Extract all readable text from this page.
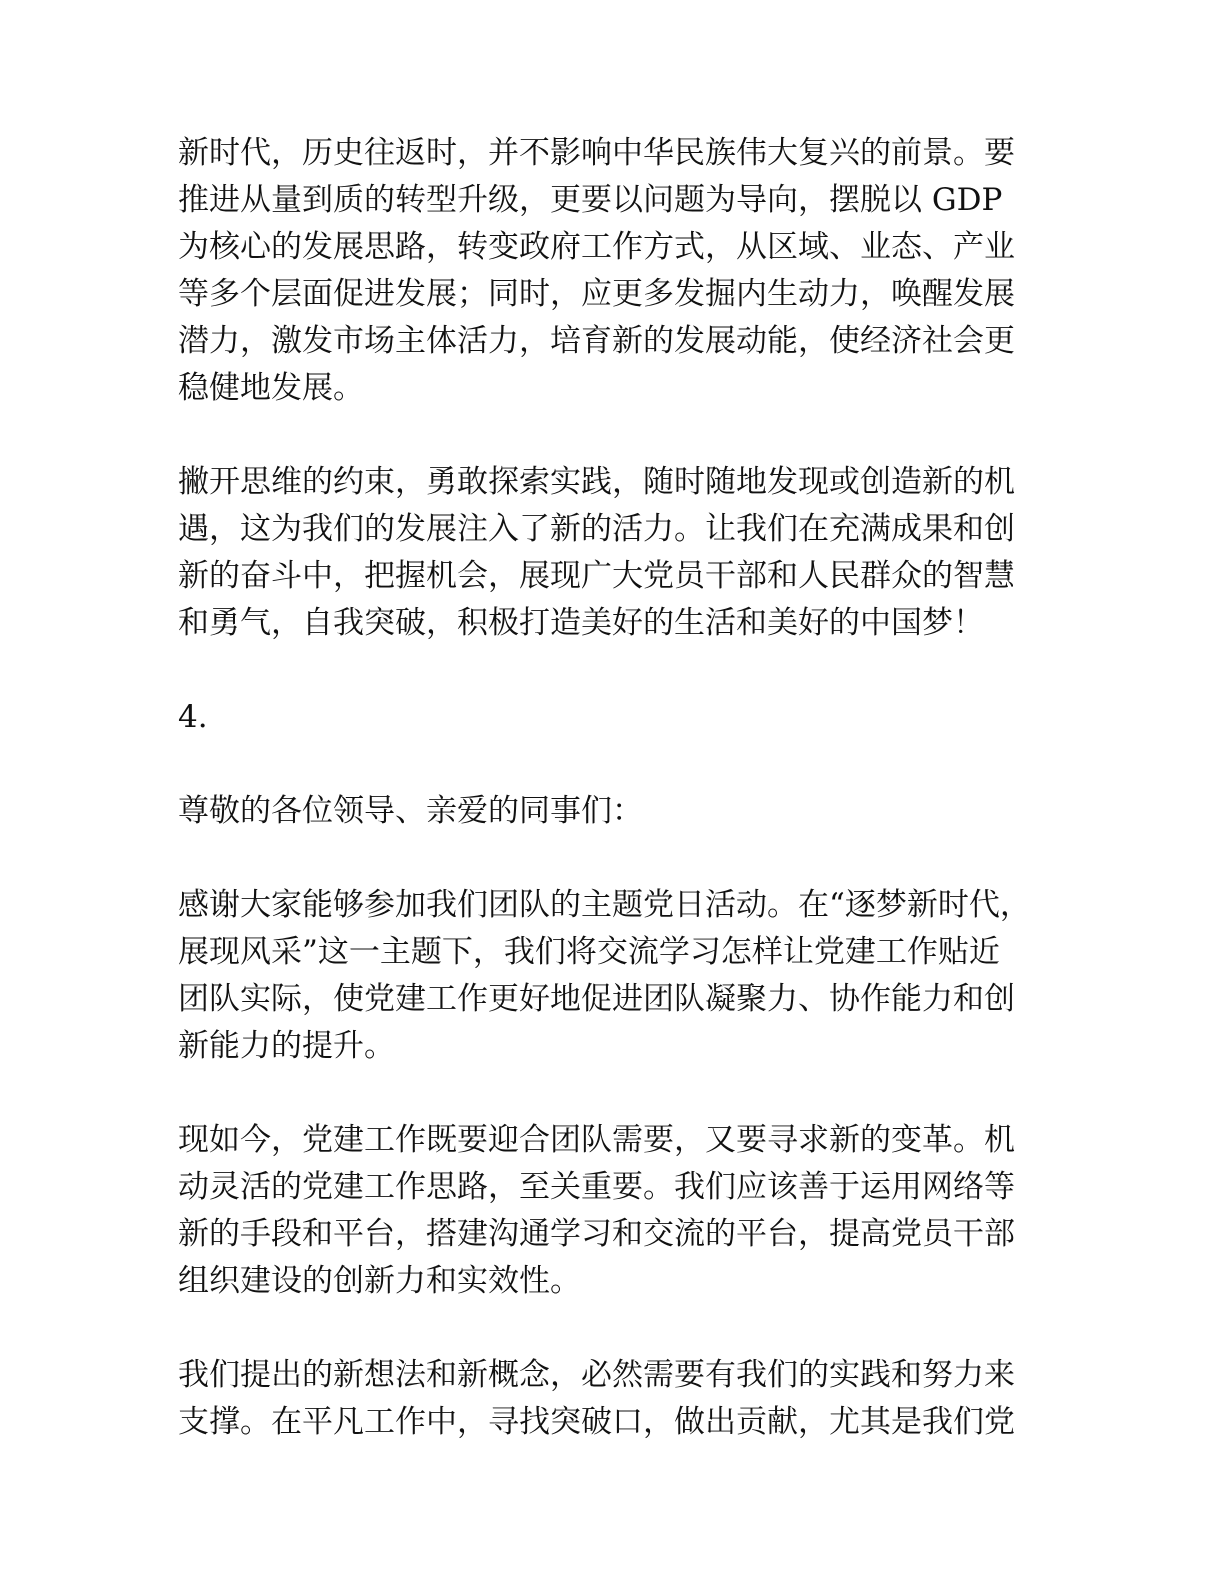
新时代，历史往返时，并不影响中华民族伟大复兴的前景。要
推进从量到质的转型升级，更要以问题为导向，摆脱以 GDP
为核心的发展思路，转变政府工作方式，从区域、业态、产业
等多个层面促进发展；同时，应更多发掘内生动力，唤醒发展
潜力，激发市场主体活力，培育新的发展动能，使经济社会更
稳健地发展。
撇开思维的约束，勇敢探索实践，随时随地发现或创造新的机
遇，这为我们的发展注入了新的活力。让我们在充满成果和创
新的奋斗中，把握机会，展现广大党员干部和人民群众的智慧
和勇气，自我突破，积极打造美好的生活和美好的中国梦！
4.
尊敬的各位领导、亲爱的同事们：
感谢大家能够参加我们团队的主题党日活动。在“逐梦新时代，
展现风采”这一主题下，我们将交流学习怎样让党建工作贴近
团队实际，使党建工作更好地促进团队凝聚力、协作能力和创
新能力的提升。
现如今，党建工作既要迎合团队需要，又要寻求新的变革。机
动灵活的党建工作思路，至关重要。我们应该善于运用网络等
新的手段和平台，搭建沟通学习和交流的平台，提高党员干部
组织建设的创新力和实效性。
我们提出的新想法和新概念，必然需要有我们的实践和努力来
支撑。在平凡工作中，寻找突破口，做出贡献，尤其是我们党
